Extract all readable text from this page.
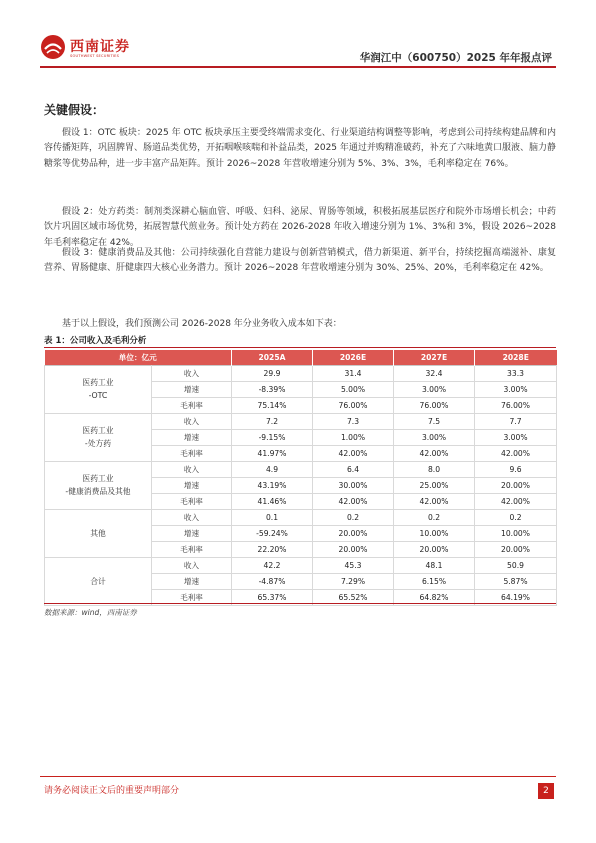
西南证券
SOUTHWEST SECURITIES	华润江中（600750）2025 年年报点评
关键假设：

假设 1：OTC 板块：2025 年 OTC 板块承压主要受终端需求变化、行业渠道结构调整等影响，考虑到公司持续构建品牌和内容传播矩阵，巩固脾胃、肠道品类优势，开拓咽喉咳喘和补益品类，2025 年通过并购精准破药，补充了六味地黄口服液、脑力静糖浆等优势品种，进一步丰富产品矩阵。预计 2026~2028 年营收增速分别为 5%、3%、3%，毛利率稳定在 76%。

假设 2：处方药类：制剂类深耕心脑血管、呼吸、妇科、泌尿、胃肠等领域，积极拓展基层医疗和院外市场增长机会；中药饮片巩固区域市场优势，拓展智慧代煎业务。预计处方药在 2026-2028 年收入增速分别为 1%、3%和 3%，假设 2026~2028 年毛利率稳定在 42%。

假设 3：健康消费品及其他：公司持续强化自营能力建设与创新营销模式，借力新渠道、新平台，持续挖掘高端滋补、康复营养、胃肠健康、肝健康四大核心业务潜力。预计 2026~2028 年营收增速分别为 30%、25%、20%，毛利率稳定在 42%。

基于以上假设，我们预测公司 2026-2028 年分业务收入成本如下表：

表 1：公司收入及毛利分析
单位：亿元		2025A	2026E	2027E	2028E
医药工业
-OTC	收入	29.9	31.4	32.4	33.3
	增速	-8.39%	5.00%	3.00%	3.00%
	毛利率	75.14%	76.00%	76.00%	76.00%
医药工业
-处方药	收入	7.2	7.3	7.5	7.7
	增速	-9.15%	1.00%	3.00%	3.00%
	毛利率	41.97%	42.00%	42.00%	42.00%
医药工业
-健康消费品及其他	收入	4.9	6.4	8.0	9.6
	增速	43.19%	30.00%	25.00%	20.00%
	毛利率	41.46%	42.00%	42.00%	42.00%
其他	收入	0.1	0.2	0.2	0.2
	增速	-59.24%	20.00%	10.00%	10.00%
	毛利率	22.20%	20.00%	20.00%	20.00%
合计	收入	42.2	45.3	48.1	50.9
	增速	-4.87%	7.29%	6.15%	5.87%
	毛利率	65.37%	65.52%	64.82%	64.19%
数据来源：wind，西南证券
请务必阅读正文后的重要声明部分	2
